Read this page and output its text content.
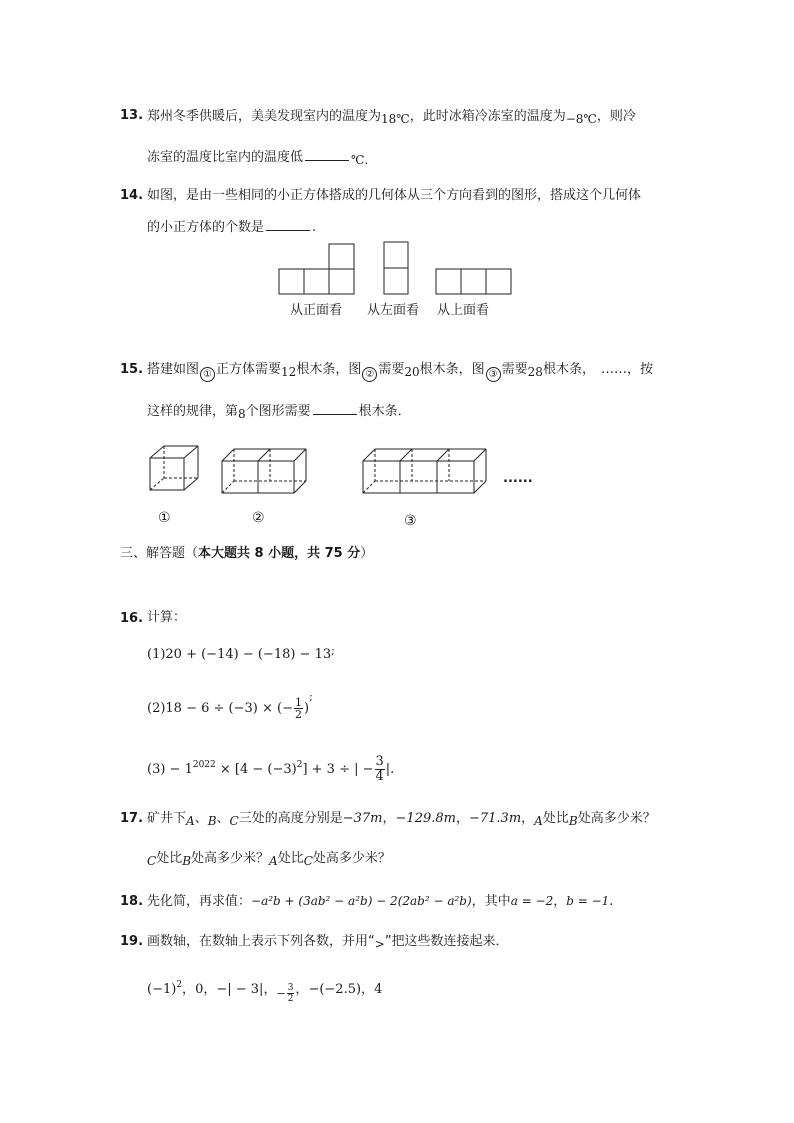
13. 郑州冬季供暖后，美美发现室内的温度为18℃，此时冰箱冷冻室的温度为−8℃，则冷
冻室的温度比室内的温度低	℃.
14. 如图，是由一些相同的小正方体搭成的几何体从三个方向看到的图形，搭成这个几何体
的小正方体的个数是	.
从正面看 从左面看 从上面看
15. 搭建如图 ① 正方体需要12根木条，图 ② 需要20根木条，图 ③ 需要28根木条， ……，按
这样的规律，第8个图形需要	根木条．
......
①	②	③
三、解答题（本大题共 8 小题，共 75 分）
16. 计算：
(1)20 + (−14) − (−18) − 13;
(2)18 − 6 ÷ (−3) × (− $\frac{1}{2} )^;$
$(3) - 1^{2022} \times [4 - (-3)^2] + 3$ ÷ | − $\frac{3}{4}$ |.
17. 矿井下A、B、C三处的高度分别是−37m，−129.8m，−71.3m，A处比B处高多少米？
C处比B处高多少米？A处比C处高多少米？
18. 先化简，再求值：−a²b + (3ab² − a²b) − 2(2ab² − a²b)，其中a = −2，b = −1.
19. 画数轴，在数轴上表示下列各数，并用“>”把这些数连接起来．
$(-1)^2$，0，−| − 3|，$_- \frac{3}{2}$ ，−(−2.5)，4
